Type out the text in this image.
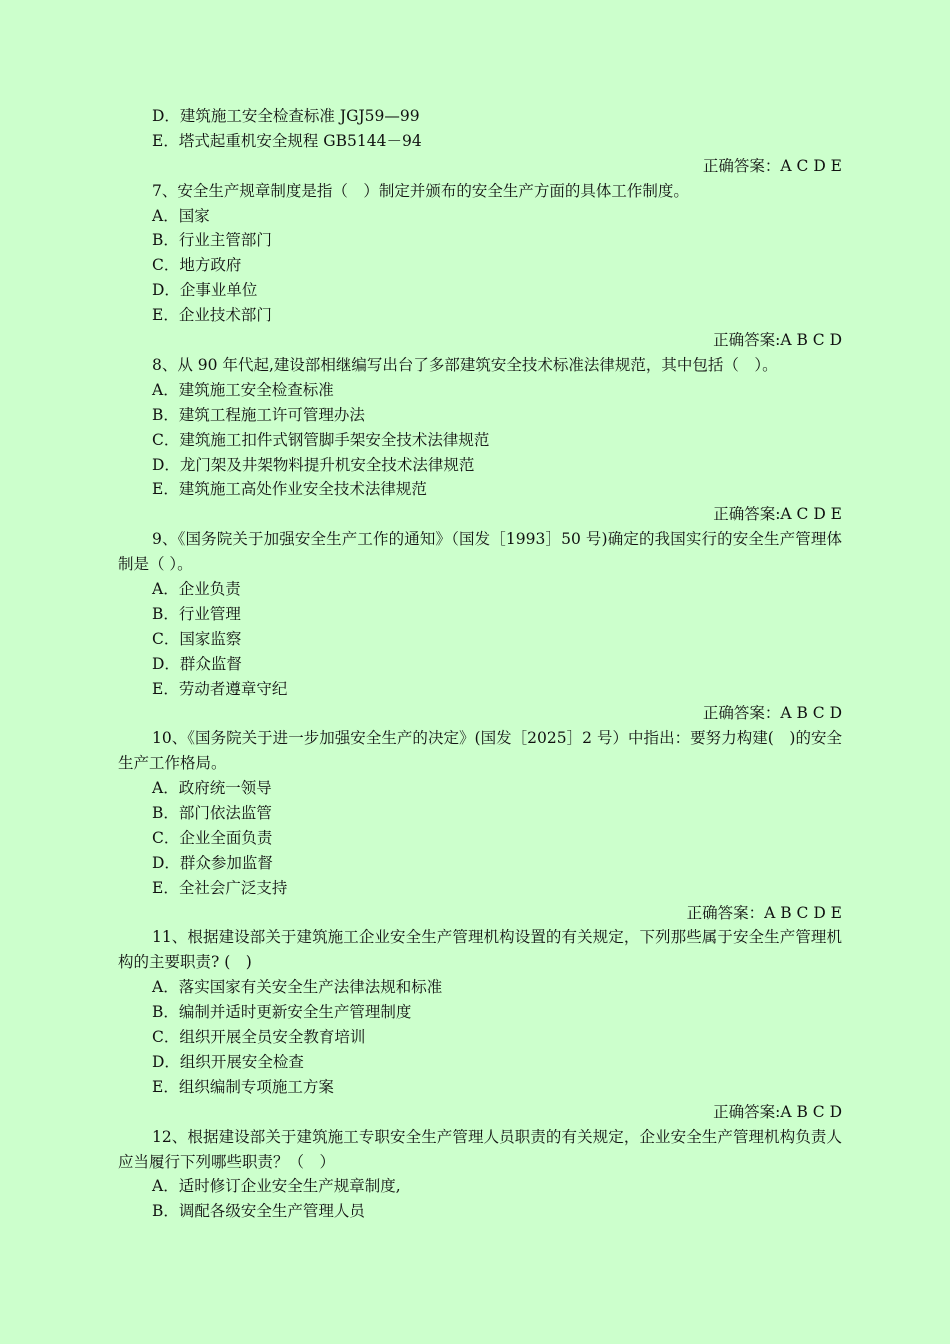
D．建筑施工安全检查标准 JGJ59—99
E．塔式起重机安全规程 GB5144－94
正确答案：A C D E
7、安全生产规章制度是指（　）制定并颁布的安全生产方面的具体工作制度。
A．国家
B．行业主管部门
C．地方政府
D．企事业单位
E．企业技术部门
正确答案:A B C D
8、从 90 年代起,建设部相继编写出台了多部建筑安全技术标准法律规范，其中包括（　）。
A．建筑施工安全检查标准
B．建筑工程施工许可管理办法
C．建筑施工扣件式钢管脚手架安全技术法律规范
D．龙门架及井架物料提升机安全技术法律规范
E．建筑施工高处作业安全技术法律规范
正确答案:A C D E
9、《国务院关于加强安全生产工作的通知》（国发［1993］50 号)确定的我国实行的安全生产管理体制是（ ）。
A．企业负责
B．行业管理
C．国家监察
D．群众监督
E．劳动者遵章守纪
正确答案：A B C D
10、《国务院关于进一步加强安全生产的决定》(国发［2025］2 号）中指出：要努力构建(　)的安全生产工作格局。
A．政府统一领导
B．部门依法监管
C．企业全面负责
D．群众参加监督
E．全社会广泛支持
正确答案：A B C D E
11、根据建设部关于建筑施工企业安全生产管理机构设置的有关规定，下列那些属于安全生产管理机构的主要职责? (　)
A．落实国家有关安全生产法律法规和标准
B．编制并适时更新安全生产管理制度
C．组织开展全员安全教育培训
D．组织开展安全检查
E．组织编制专项施工方案
正确答案:A B C D
12、根据建设部关于建筑施工专职安全生产管理人员职责的有关规定，企业安全生产管理机构负责人应当履行下列哪些职责？（　）
A．适时修订企业安全生产规章制度,
B．调配各级安全生产管理人员
